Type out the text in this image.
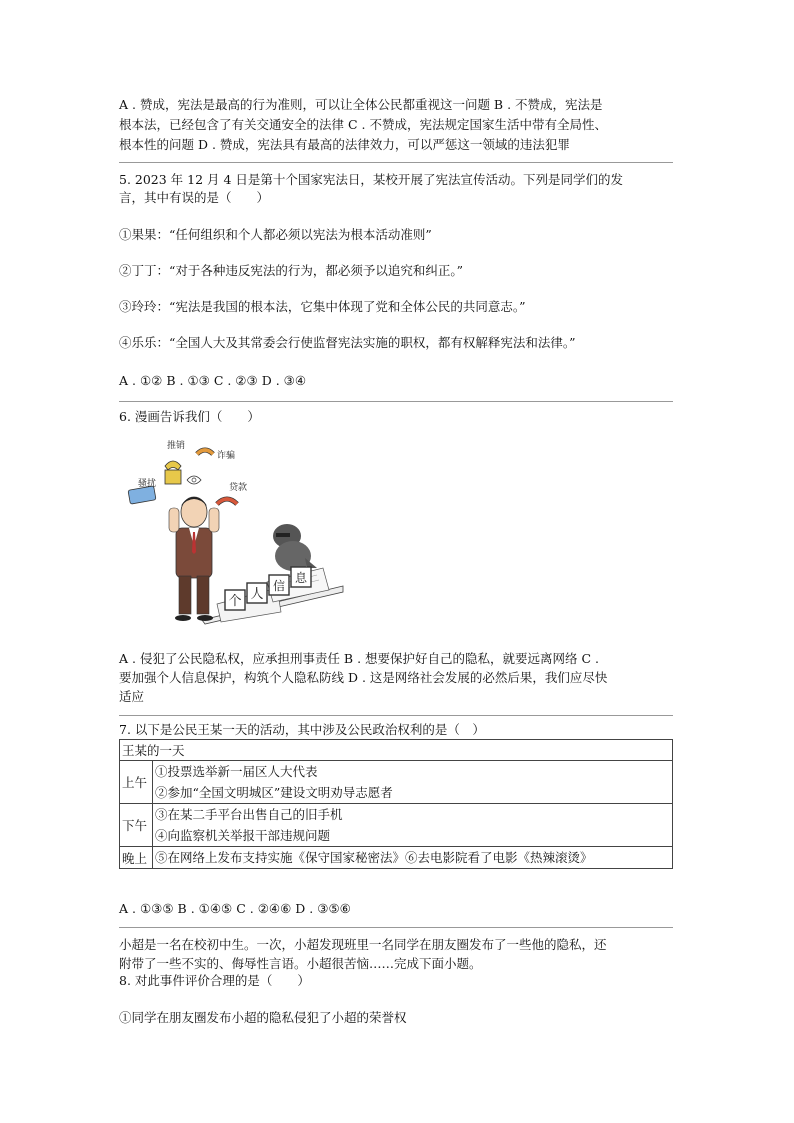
A . 赞成，宪法是最高的行为准则，可以让全体公民都重视这一问题 B . 不赞成，宪法是
根本法，已经包含了有关交通安全的法律 C . 不赞成，宪法规定国家生活中带有全局性、
根本性的问题 D . 赞成，宪法具有最高的法律效力，可以严惩这一领域的违法犯罪
5. 2023 年 12 月 4 日是第十个国家宪法日，某校开展了宪法宣传活动。下列是同学们的发
言，其中有误的是（　　）
①果果：“任何组织和个人都必须以宪法为根本活动准则”
②丁丁：“对于各种违反宪法的行为，都必须予以追究和纠正。”
③玲玲：“宪法是我国的根本法，它集中体现了党和全体公民的共同意志。”
④乐乐：“全国人大及其常委会行使监督宪法实施的职权，都有权解释宪法和法律。”
A . ①② B . ①③ C . ②③ D . ③④
6. 漫画告诉我们（　　）
个 人
信
息
骚扰
推销
诈骗
贷款
A . 侵犯了公民隐私权，应承担刑事责任 B . 想要保护好自己的隐私，就要远离网络 C .
要加强个人信息保护，构筑个人隐私防线 D . 这是网络社会发展的必然后果，我们应尽快
适应
7. 以下是公民王某一天的活动，其中涉及公民政治权利的是（　）
王某的一天	
上午	①投票选举新一届区人大代表
②参加“全国文明城区”建设文明劝导志愿者

下午	③在某二手平台出售自己的旧手机
④向监察机关举报干部违规问题

晚上	⑤在网络上发布支持实施《保守国家秘密法》⑥去电影院看了电影《热辣滚烫》
A . ①③⑤ B . ①④⑤ C . ②④⑥ D . ③⑤⑥
小超是一名在校初中生。一次，小超发现班里一名同学在朋友圈发布了一些他的隐私，还
附带了一些不实的、侮辱性言语。小超很苦恼……完成下面小题。
8. 对此事件评价合理的是（　　）
①同学在朋友圈发布小超的隐私侵犯了小超的荣誉权
